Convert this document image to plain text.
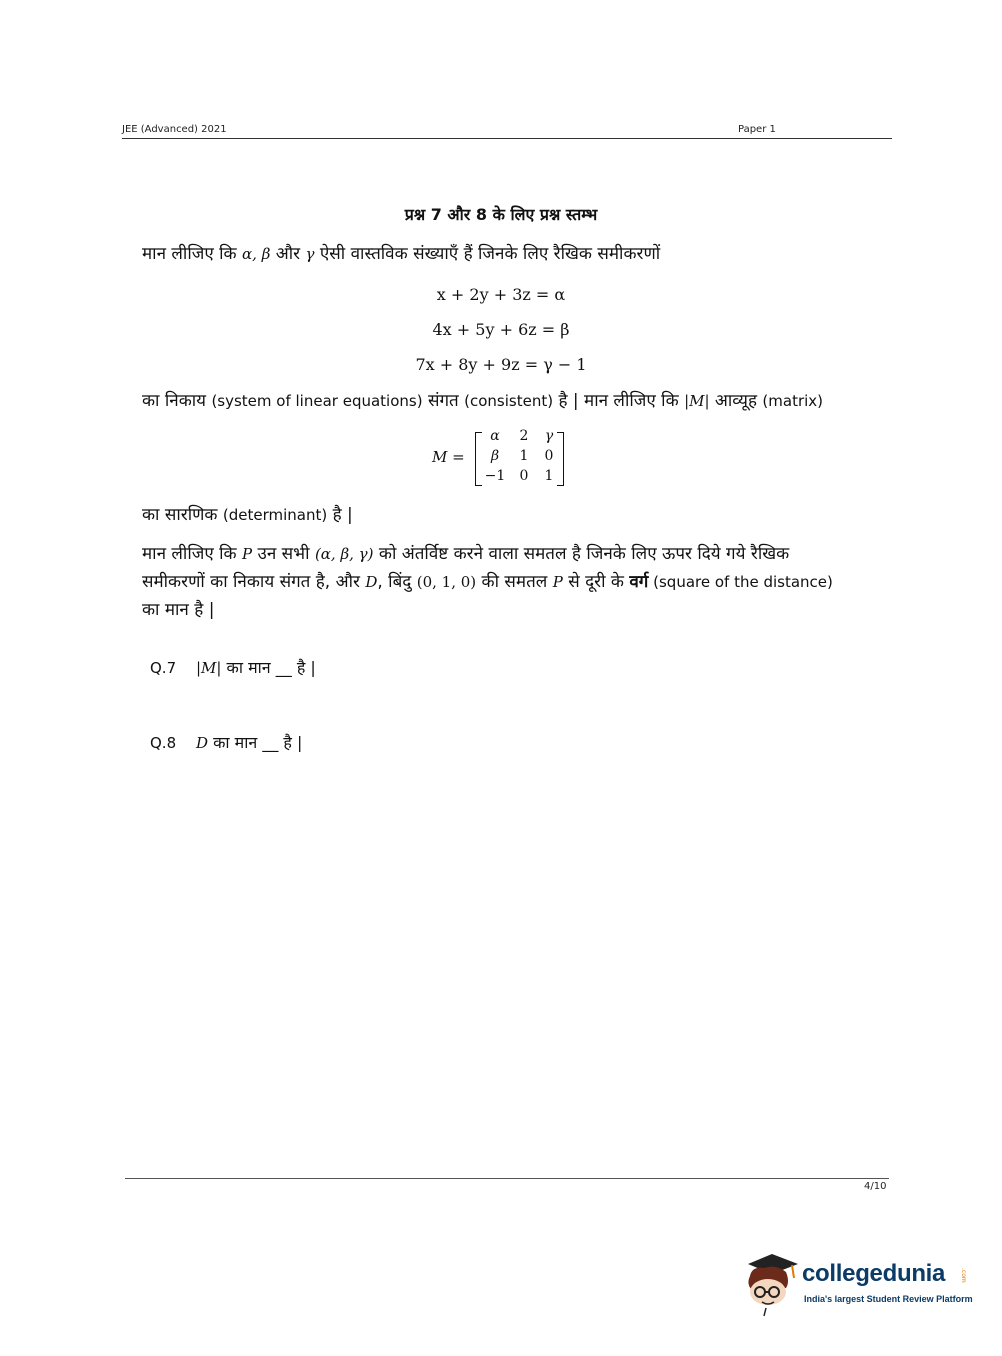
JEE (Advanced) 2021	Paper 1
प्रश्न 7 और 8 के लिए प्रश्न स्तम्भ
मान लीजिए कि α, β और γ ऐसी वास्तविक संख्याएँ हैं जिनके लिए रैखिक समीकरणों
x + 2y + 3z = α
4x + 5y + 6z = β
7x + 8y + 9z = γ − 1
का निकाय (system of linear equations) संगत (consistent) है | मान लीजिए कि |M| आव्यूह (matrix)
M =
α	2	γ
β	1	0
−1	0	1
का सारणिक (determinant) है |
मान लीजिए कि P उन सभी (α, β, γ) को अंतर्विष्ट करने वाला समतल है जिनके लिए ऊपर दिये गये रैखिक
समीकरणों का निकाय संगत है, और D, बिंदु (0, 1, 0) की समतल P से दूरी के वर्ग (square of the distance)
का मान है |
Q.7 |M| का मान __ है |
Q.8 D का मान __ है |
4/10
collegedunia .com
India's largest Student Review Platform
